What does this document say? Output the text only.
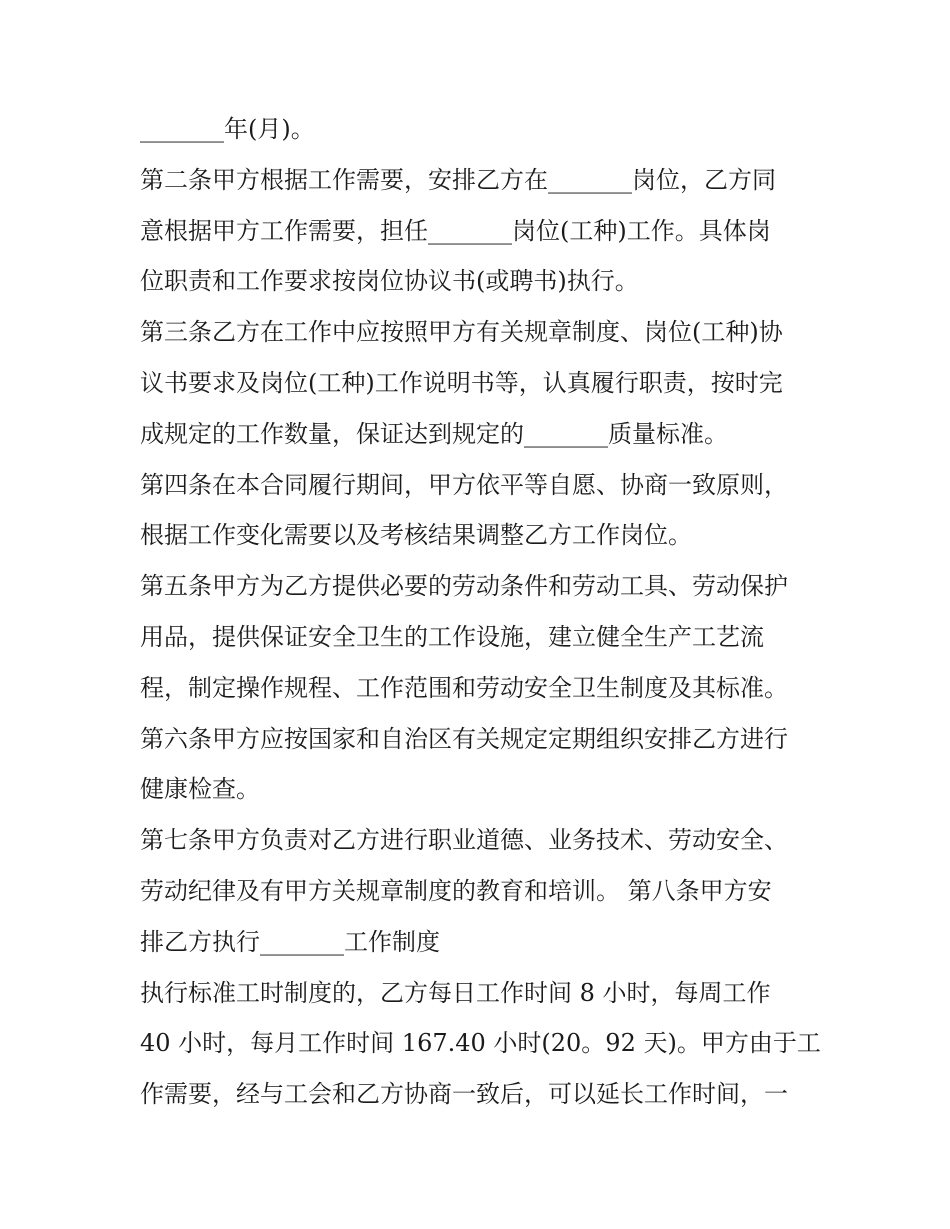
_______年(月)。
第二条甲方根据工作需要，安排乙方在_______岗位，乙方同
意根据甲方工作需要，担任_______岗位(工种)工作。具体岗
位职责和工作要求按岗位协议书(或聘书)执行。
第三条乙方在工作中应按照甲方有关规章制度、岗位(工种)协
议书要求及岗位(工种)工作说明书等，认真履行职责，按时完
成规定的工作数量，保证达到规定的_______质量标准。
第四条在本合同履行期间，甲方依平等自愿、协商一致原则，
根据工作变化需要以及考核结果调整乙方工作岗位。
第五条甲方为乙方提供必要的劳动条件和劳动工具、劳动保护
用品，提供保证安全卫生的工作设施，建立健全生产工艺流
程，制定操作规程、工作范围和劳动安全卫生制度及其标准。
第六条甲方应按国家和自治区有关规定定期组织安排乙方进行
健康检查。
第七条甲方负责对乙方进行职业道德、业务技术、劳动安全、
劳动纪律及有甲方关规章制度的教育和培训。 第八条甲方安
排乙方执行_______工作制度
执行标准工时制度的，乙方每日工作时间 8 小时，每周工作
40 小时，每月工作时间 167.40 小时(20。92 天)。甲方由于工
作需要，经与工会和乙方协商一致后，可以延长工作时间，一
